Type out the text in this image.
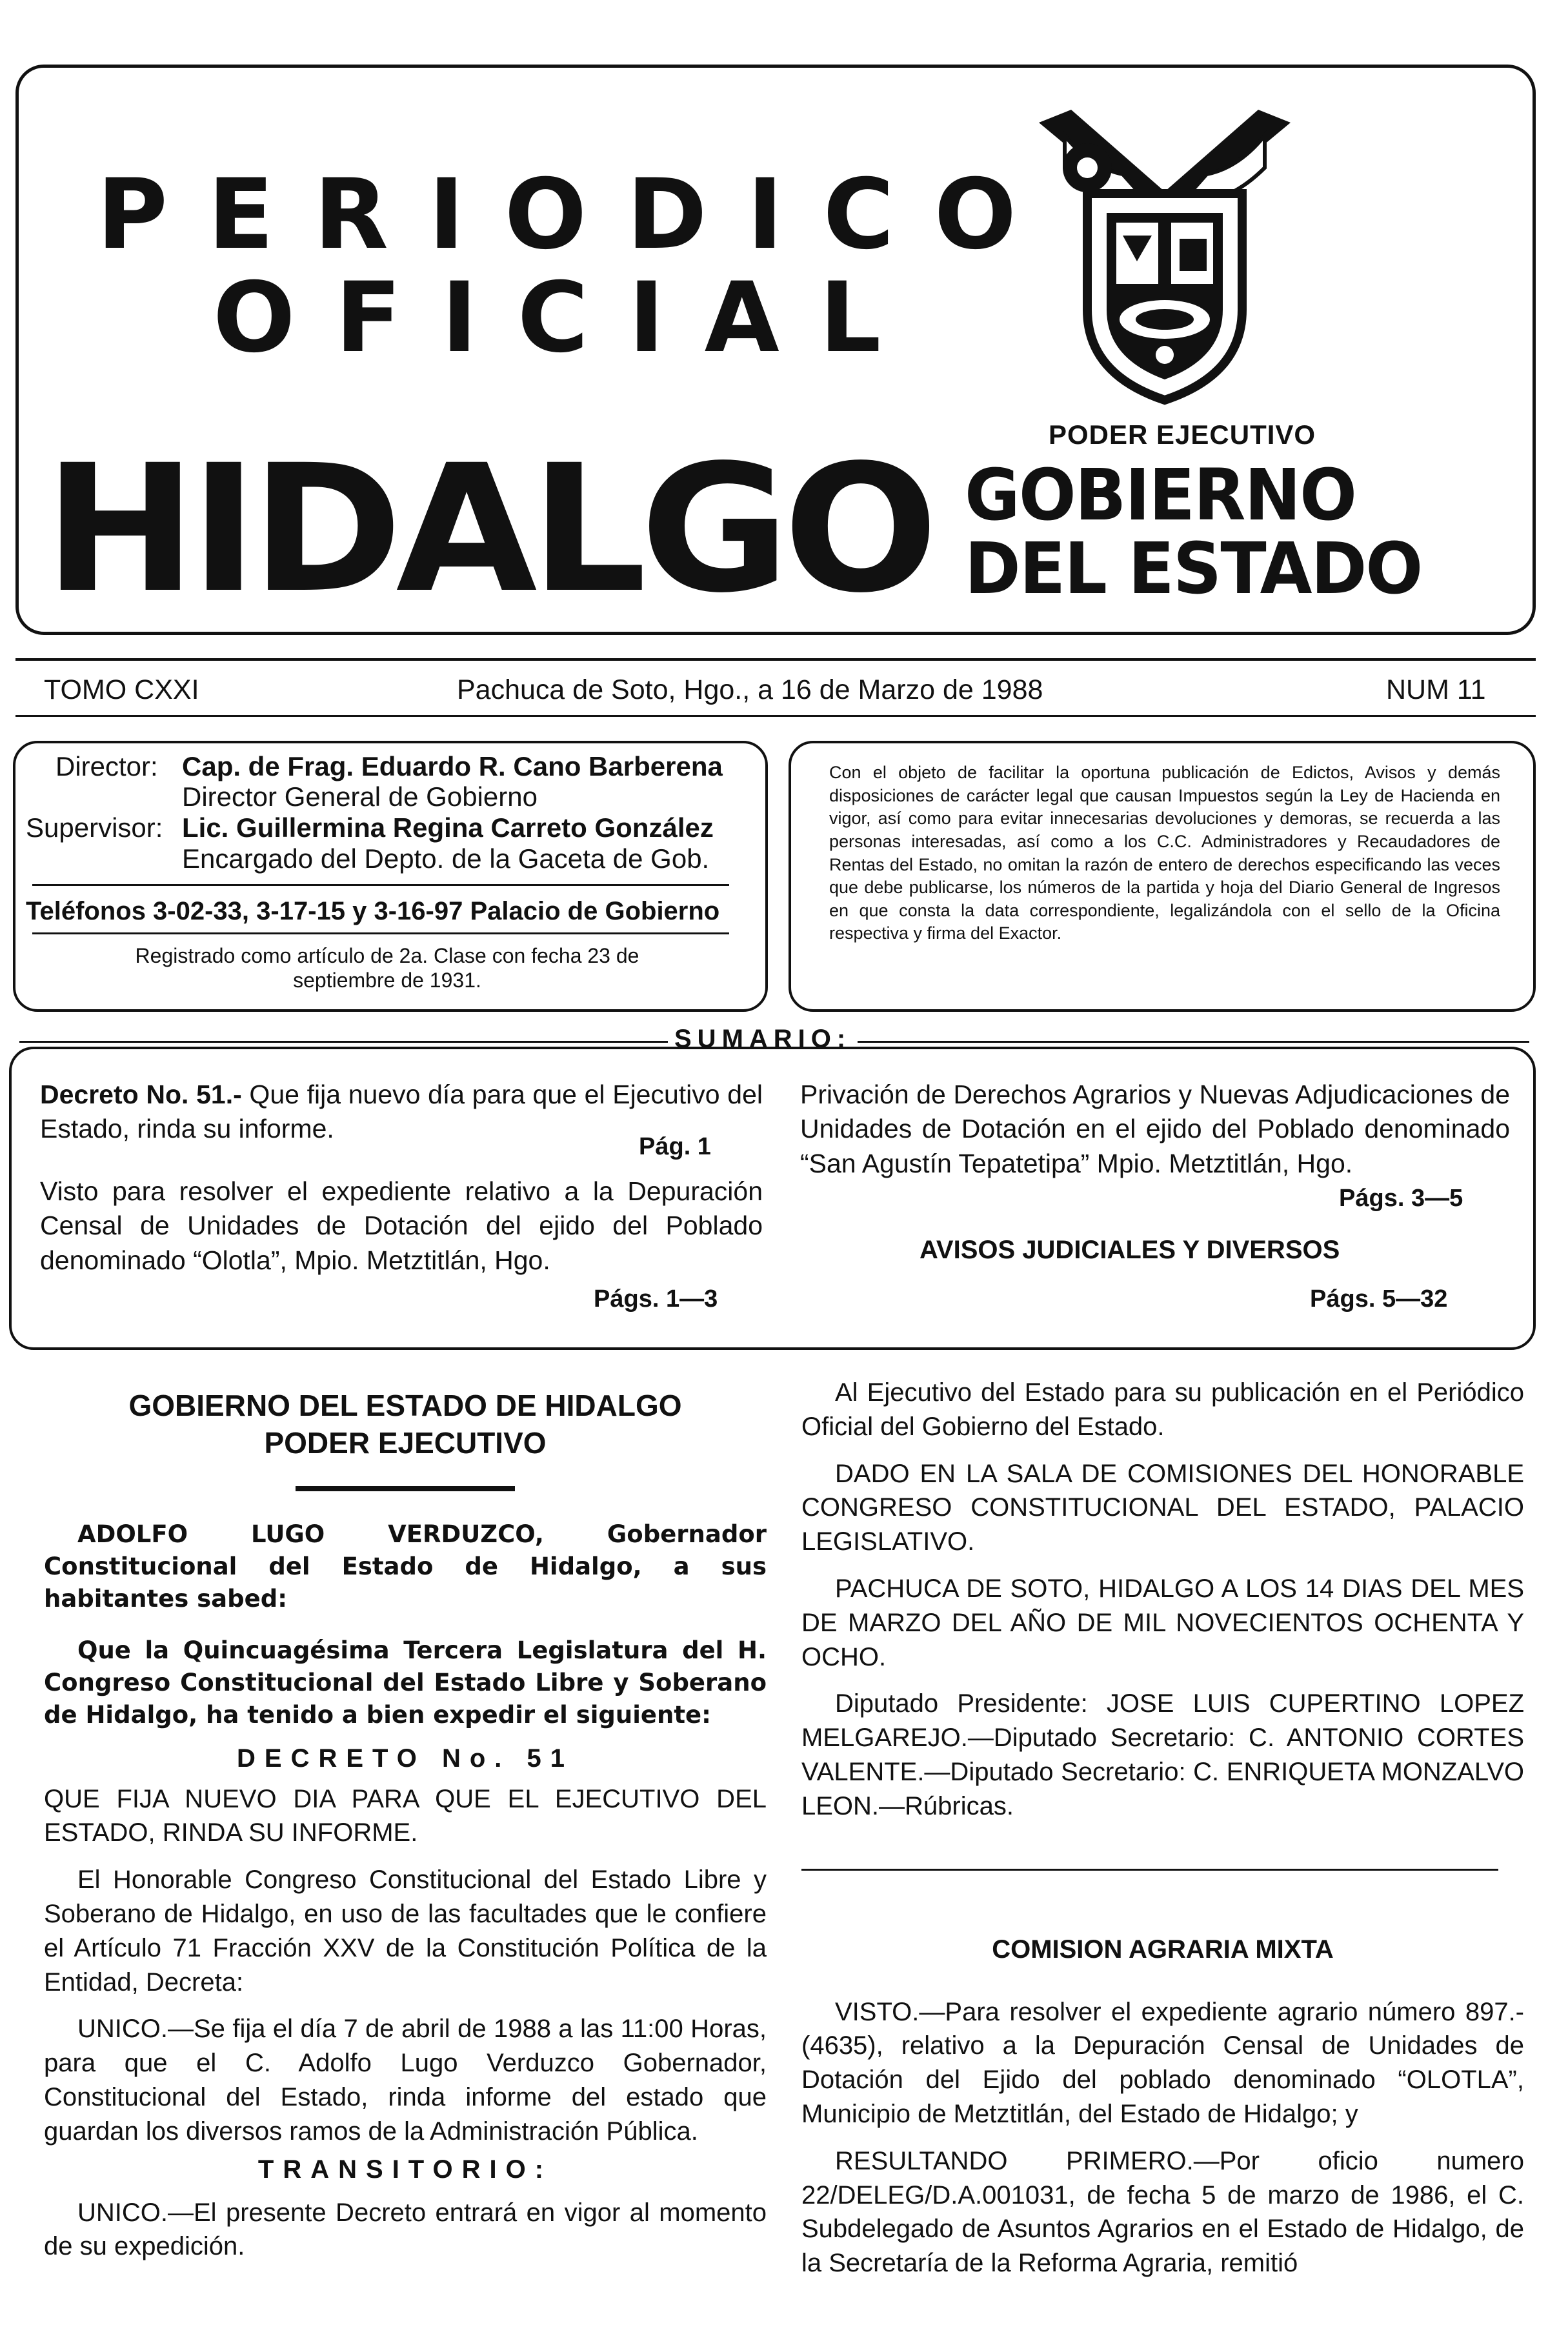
PERIODICO
OFICIAL
PODER EJECUTIVO
HIDALGO GOBIERNO
DEL ESTADO
TOMO CXXI	Pachuca de Soto, Hgo., a 16 de Marzo de 1988	NUM 11
Director: Cap. de Frag. Eduardo R. Cano Barberena
Director General de Gobierno
Supervisor: Lic. Guillermina Regina Carreto González
Encargado del Depto. de la Gaceta de Gob.
Teléfonos 3-02-33, 3-17-15 y 3-16-97 Palacio de Gobierno
Registrado como artículo de 2a. Clase con fecha 23 de septiembre de 1931.
Con el objeto de facilitar la oportuna publicación de Edictos, Avisos y demás disposiciones de carácter legal que causan Impuestos según la Ley de Hacienda en vigor, así como para evitar innecesarias devoluciones y demoras, se recuerda a las personas interesadas, así como a los C.C. Administradores y Recaudadores de Rentas del Estado, no omitan la razón de entero de derechos especificando las veces que debe publicarse, los números de la partida y hoja del Diario General de Ingresos en que consta la data correspondiente, legalizándola con el sello de la Oficina respectiva y firma del Exactor.
SUMARIO:
Decreto No. 51.- Que fija nuevo día para que el Ejecutivo del Estado, rinda su informe.
Pág. 1
Visto para resolver el expediente relativo a la Depuración Censal de Unidades de Dotación del ejido del Poblado denominado “Olotla”, Mpio. Metztitlán, Hgo.
Págs. 1—3
Privación de Derechos Agrarios y Nuevas Adjudicaciones de Unidades de Dotación en el ejido del Poblado denominado “San Agustín Tepatetipa” Mpio. Metztitlán, Hgo.
Págs. 3—5
AVISOS JUDICIALES Y DIVERSOS
Págs. 5—32
GOBIERNO DEL ESTADO DE HIDALGO
PODER EJECUTIVO

ADOLFO LUGO VERDUZCO, Gobernador Constitucional del Estado de Hidalgo, a sus habitantes sabed:

Que la Quincuagésima Tercera Legislatura del H. Congreso Constitucional del Estado Libre y Soberano de Hidalgo, ha tenido a bien expedir el siguiente:

DECRETO No. 51

QUE FIJA NUEVO DIA PARA QUE EL EJECUTIVO DEL ESTADO, RINDA SU INFORME.

El Honorable Congreso Constitucional del Estado Libre y Soberano de Hidalgo, en uso de las facultades que le confiere el Artículo 71 Fracción XXV de la Constitución Política de la Entidad, Decreta:

UNICO.—Se fija el día 7 de abril de 1988 a las 11:00 Horas, para que el C. Adolfo Lugo Verduzco Gobernador, Constitucional del Estado, rinda informe del estado que guardan los diversos ramos de la Administración Pública.

TRANSITORIO:

UNICO.—El presente Decreto entrará en vigor al momento de su expedición.

Al Ejecutivo del Estado para su publicación en el Periódico Oficial del Gobierno del Estado.

DADO EN LA SALA DE COMISIONES DEL HONORABLE CONGRESO CONSTITUCIONAL DEL ESTADO, PALACIO LEGISLATIVO.

PACHUCA DE SOTO, HIDALGO A LOS 14 DIAS DEL MES DE MARZO DEL AÑO DE MIL NOVECIENTOS OCHENTA Y OCHO.

Diputado Presidente: JOSE LUIS CUPERTINO LOPEZ MELGAREJO.—Diputado Secretario: C. ANTONIO CORTES VALENTE.—Diputado Secretario: C. ENRIQUETA MONZALVO LEON.—Rúbricas.

COMISION AGRARIA MIXTA

VISTO.—Para resolver el expediente agrario número 897.-(4635), relativo a la Depuración Censal de Unidades de Dotación del Ejido del poblado denominado “OLOTLA”, Municipio de Metztitlán, del Estado de Hidalgo; y

RESULTANDO PRIMERO.—Por oficio numero 22/DELEG/D.A.001031, de fecha 5 de marzo de 1986, el C. Subdelegado de Asuntos Agrarios en el Estado de Hidalgo, de la Secretaría de la Reforma Agraria, remitió
